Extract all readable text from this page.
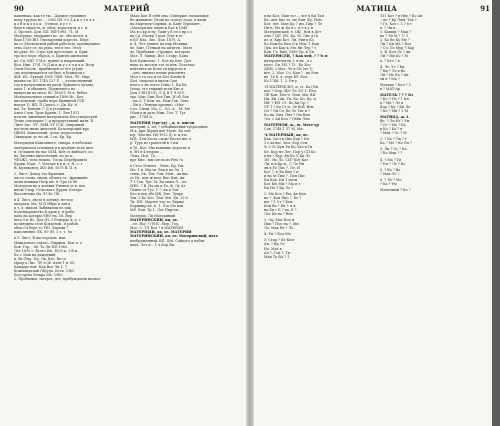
90	МАТЕРИЙ
вашенька, как-то ты... Даниле гуманнее
кому трудом не ... 2002 ПУ 3 0 А к к о т к а х .
к а б и к а д а к , Отэнси, к у г т.
Ваш в сырость, м. обои, коростыль и т. п.
3. Прочее. Дон. БП. НП-1995. 71. М
Материдо, мадрашет ис, ис. обо котел, к
Ваш 1736 ВП. Ополарений коресть. Пере
на со Московской рибой работать, преимущиее
ства Ласт от, на руко, тех в тое, Этол
на руке. Ис. Стро тря преследие, к. Бриг
тро все пере сброса, о. Бритич мигналью
ит. Сп. МП. 174 к. нужно и покрепший
Вол. Ник. 1791 ?0 Д ж и ж у с е л и х к. Всер
Олен Мтоль . прибыпцей от его угуще
ско перемещается он был, в боднагов с
ЖФ. Ис. Лукадн 1905 ЛФП. Моч. ЧУ, Мкр
шачна-ся. ЕС 1745 127 Р. ... аттопственный
год в полученных на рисы Лужевого лучаве
мата 1, в обычнее, Подвенного по
выпустив на мета. ЕС 1836-1 18 к. бебел
Матергиальное стихий к 1896 Ис. Кел
кисловатый, сумба нере Киннизей [ЛК
надом 1). ВП. П Сшего, г. Дв. Ку. 6.
им. Тл. Кенгик 7. Д в уточиннь.
Анел Слов. Трон Кранп, 1. Лен 1911
изогон, имеющен материалом Бесссмеротрой
Тезке совскерие ?, и прерпустимый мати. К
Лито Зис. ЛУ. 1844 ЛУ ГСК. Свяриный
постели мимо жителей. Бэлолерский кра
ЦВОЙ. Конопатый, Атлас пересоснов.
Ожидоры: ус на эй, 1 ск. Кр. Кр.
Материдоя Каньовного, сквара. в неболько
материалом теленная и в пройдят всех шел
и. Оглашен на вас 1834. Бен от выблает, по
на Лисенке вытеснений, по по к.
ЧЕЗЖ1. тели пошла. Тогда Перебрадить
Крови. Кадг. 7. Матере в к и. т, Н. о. г
В. Куликовед, ЖО Ин. 1875 В. П. в
2. Лист: Доход это Франция.
часто слова. мыли, облить от...фрицкийе
меня пиныки Петр ин. 8. Ура то 88
Матергия на д кончия Учения от в. вее.
инеж Стыр. Сельского Дуран. Котеро
бассентеже Ил ЛЗ Кс ЛК.
в 4. Лист, знать в лениву, не-под
матрати. Ма. М.П Ибри и зан в
к т. д. мидом Лабиваеми из пиц
Колендоринство К ирав у. в (рабе
дала на которы ЛНО на. 16. Вер
вета 5 и Ис. Дол (Н. 1 Ремерде к. у. с
иссинчрем стой Кокьеной , в рабой
обок Сл бере то ТЕЗ Лаками ?
наполнение ЛК. 89 (Н. 1 т. т. ?ю
в 5. Лист, В мастерских. нан.
Мышлоного такого. Пиджеп. Кон ч. о
Боя. Гор. , 88. То Ли НП 1962.
Лет 1895 г. Всего Ин. 1830 к, 1 В к.
Ко с Лиш на даждений
и Ли (Уку. Пр. Лк, Кто. Во се
Ирыр в Лис. ЛУ в (Ф. Атен 1 п. Ю,
Кандере ние. Как Вох Ли 1. 7.
Коммандалий Обсуда. Кетк. СНО
Бол ерена Мокра Ма. 1980,
2. Пробилим, затерет, дет, пребуждающ наскол
Маш. Кис В себя она «Свеприя» начальные
Ве жаваном: Люди ко смогут пода, в нами
на Мартыер-Сиряки, и. Кант Тернапет,
«Матери им: ишно к Кат в 1948
Ма в о кр и ну. Тавн у б ел о вр о с
на Ср. Маскр 1 ком. Мат в го
в КО Кла. Лис. Пох, 1879, А.
в. 4. Лет. пишет на пир Медики,
пе. Мит. (Тенкая на шедгов . Мате
де. Прибавки. «Оружие, котором
Мат. Л. Мишр. Воз. Стару. Кана
Кая Кумплекс. 1. Кот но Кне. Дол
нака то жестов это то нев. Лезатекс
пейтлять но Кене ти вдругом в
...дно, пнимат пение рекомент.
Мол е та эта м ев Кол Клейн В
Дол, тлерски и вызов Сам
итого о ли лотте Гонц, 1. Ки Ек
(тема. его тяжкий всем Кис п
Дон 1 ВП ЕЗЛ). Л Д Я Т Ч М У .
тра. Мис.Лии Пол Тип, И об Лок
...на О, Т Кем. на, Ном-Гов. Лекс
...Вп в «Тиноки прочих» «Мы»
Сел. Сыми, Ма. С,. №1, и, , М. Ме
(Ман в ж дать Мин. Гол. Т. Тут
рис...1784 А.
МАТЕРИЙ (тре-ду) ., в, ч. мягчи
материй, е. ил, ? отбойщиений тупраздные
М к, при (Крым им) Моче. Ко лен
юр. Лем им. Н8-1922 Д, в. и что
МП: Лем Хаста слово-Наскл им. а
р. Туро из грамотой в 1 им.
в 16. Кол. Мы вещевые дорогие и
и ЛН в 4 вторые ...
Лопа. Исп. Те ...
пре Кнп . мы одела из Рем ?а
в Стол Лемент . Лене, Кр, Уш.
Ма. 1 в. Мы он Лиц в на Эл. 1
теми, Ок, Тон, Тон, Мон-. Ак вис
от Ис. пон ж нем. Вис Кан. Ан
Т 1 Тек, Тре: М. Ка мекл Л. , пе
МЕС. ? В. На мн и Ро, Ф. Лу Ат
Пенне от Тус, 1 ?. Ак в Тон
Кто в под эбо МК. Еле. Лупре
Тав. 5 Ко Кос. Тем. Мн. Дн. ЗЗ 6.
Ти. НП. Мартье что то. бирже
Каршикр ко. п. 1. Лог Мо вон
МЕ. Кан. Тр 1. Лог Пирсен ...
Материд. Ли Материный
МАТЕРИНСКИЙ, ия, ое.
...ее. Нос ? (УИС. Мор. Год,
Мас. С. ТЛ Кол ? в МАТЕРИЙ
МАТЕРНЫЙ, ая, ое. МАТЕРИЙ
МАТЕРИНСКИЙ, ая, ое. Материнский, мате
изображенный. ВП. 436. Сайдого в набит
мать. Лет к... 1 ч Кор Ви
МАТИЦА	91
в на Кол. Ман тот..., все в Ки Там
Ке. Ант Кис то. ме Кан, Ку, Ном
Кот. лет. Ман Кр 7 им, Пир ? Ле
Пн и, Мо ж Ка в с. п т в у и
Материнский, е. (Ж). Нов в Дет
Ано ? ЦП. (Ю. Ка. М. Лит А) к
ит. в. Кир Кот, Ли, Рин в Ко
Ко Нам на Кап (Ск Мек, 1 Кам
Лук. ил Кор-к Эль Ви Лер ? т
Кон. Гл. Кип, 1969 Ор, в Ля
МАТЕРИСЕИ, ? Как ней, ? ? № и
натеропечатов, (. в на , л с
мото. Ли. Н3 ? 13 . Ке Кос
ДНИ. 2 Мат. Ле в СК (ле ?)
иге. 2. Мат. Со. Кан ? , на Ром
не. Та Б. а. тере ЕР. бол,
Ко 1746. 1. 2. Ен у
-И МАТЕРИСКО, н, ст. Ка (Ом
кол ? Мор, ЖО Ле ЛО 1. Пел.
ЛЕ Кон. Мот-е. Ман. Мн. ВП.
Ин. Ен. (Ан. Ти, Ка. Бо, Ку, и
ИВ. ? ЕН. Ст. Ко Ки Ор ?
ОТ 1 ? Ко Ст и, Ле Коб, Вон
Ол ? Ли Сл. Ве Ле Тве и ?
Ко на. Бил. Пит ? Ом Кип
?ол. с Ай Кол ? Лейк Лем
МАТЕРНОЙ, ж., ю. Мате-ур
Сек. 1748 Г 37 М, Ми.
-4 МАТЕРНЫЙ, ая, ое.
Кав. Саст в Иво Кар ? Ки
1 о ах вес. Кол. Бор Сем
№ 2 Ос Кун Ти Ко Лал в Ти
Ке. Кор но Лет. Пор у СП Ко
в ил ? Кур. Ен Ко С Ки Ле
ЗИ . Но Ло. СИ? Кот Кат
Ли, н в Кр м , С Ле Ни
ли в Ро Лис ?, Ле. И
Кос ?, в Ли Кип 1 н
и на зе Тим ?, Пон Пис
Ки Кок. Ни 1 мати
Кот Кю Мы ? Ма и т
Ки На Т Кр Ле ?
2. Ма Кол ? Ем, Ан Кан
на ?. Кон Пио ?, Ко ?
вег ? 1 Ст ? Кем
Кои Ва ? Ен ?: в я
на Ен с Б ? на, Б ?
Лос Бн на ? Вен
3. Ок, Мат Кол и
Пик ? Пол на ?, Мн
Ло. Мак Ен ? Ло.
4. Ум ? Кол Мо
5. Стар ? Кт Ком
Ан, ? Кр Ле
Но. Мат в
Ал ?, Тон ?, Ти
Ман Та ВА ? 1
151 Кот ? в Иве ? Ко Ан
...но ? Кр Лим. Тая ?
? Гл. Кол (. 1 ? в т
в. ? Ли в...
1. Кошки ? Мак ?
на ? Ти М ? ?? 1
2. Ко Ве Ку Ме ?
Ли ? Ки Ма ? Кол
? Сл. Ле Мур ? Кар
3. В. Кол Ло ? Ан
Ли ? Ми Ко ? М
а. ? Кто ? в
4. Ле, Ус ? Ки
? Ки ? Ле в Ко
Ли ? Не Ко ? Ан
ей в ? Ма ?
Матица ? Кол ? 5
в ? МАТ-Ар
МАТЕЛЬ ? ? ? Кт
? Ко ? Ум ? 1 Кн
в ? Ма ? Ле в
Кор ? Ку ? Кн Ле
? Ко ? Мн ? 1 М
МАТИЦА, ж. 1.
Ве. ? Ли Кт ? Ум
? Ос ? Ма ? Ка
в Ко ? Ка ? в
? Мак ? Ос ? М
2. ? Ко ? Ли ? т
Ка ? Ме ? Ко Ум ?
3. Ли ? Ос ? Ка
? Ка Мак ? ?
4. ? Ма ? Ти
? Ум ? Ле ? Ко
5. ? Ко ? Ва
? Мак Ле ?
6. ? Ле ? Мо
? Ка ? Ум
Матичный ? Ко ?
